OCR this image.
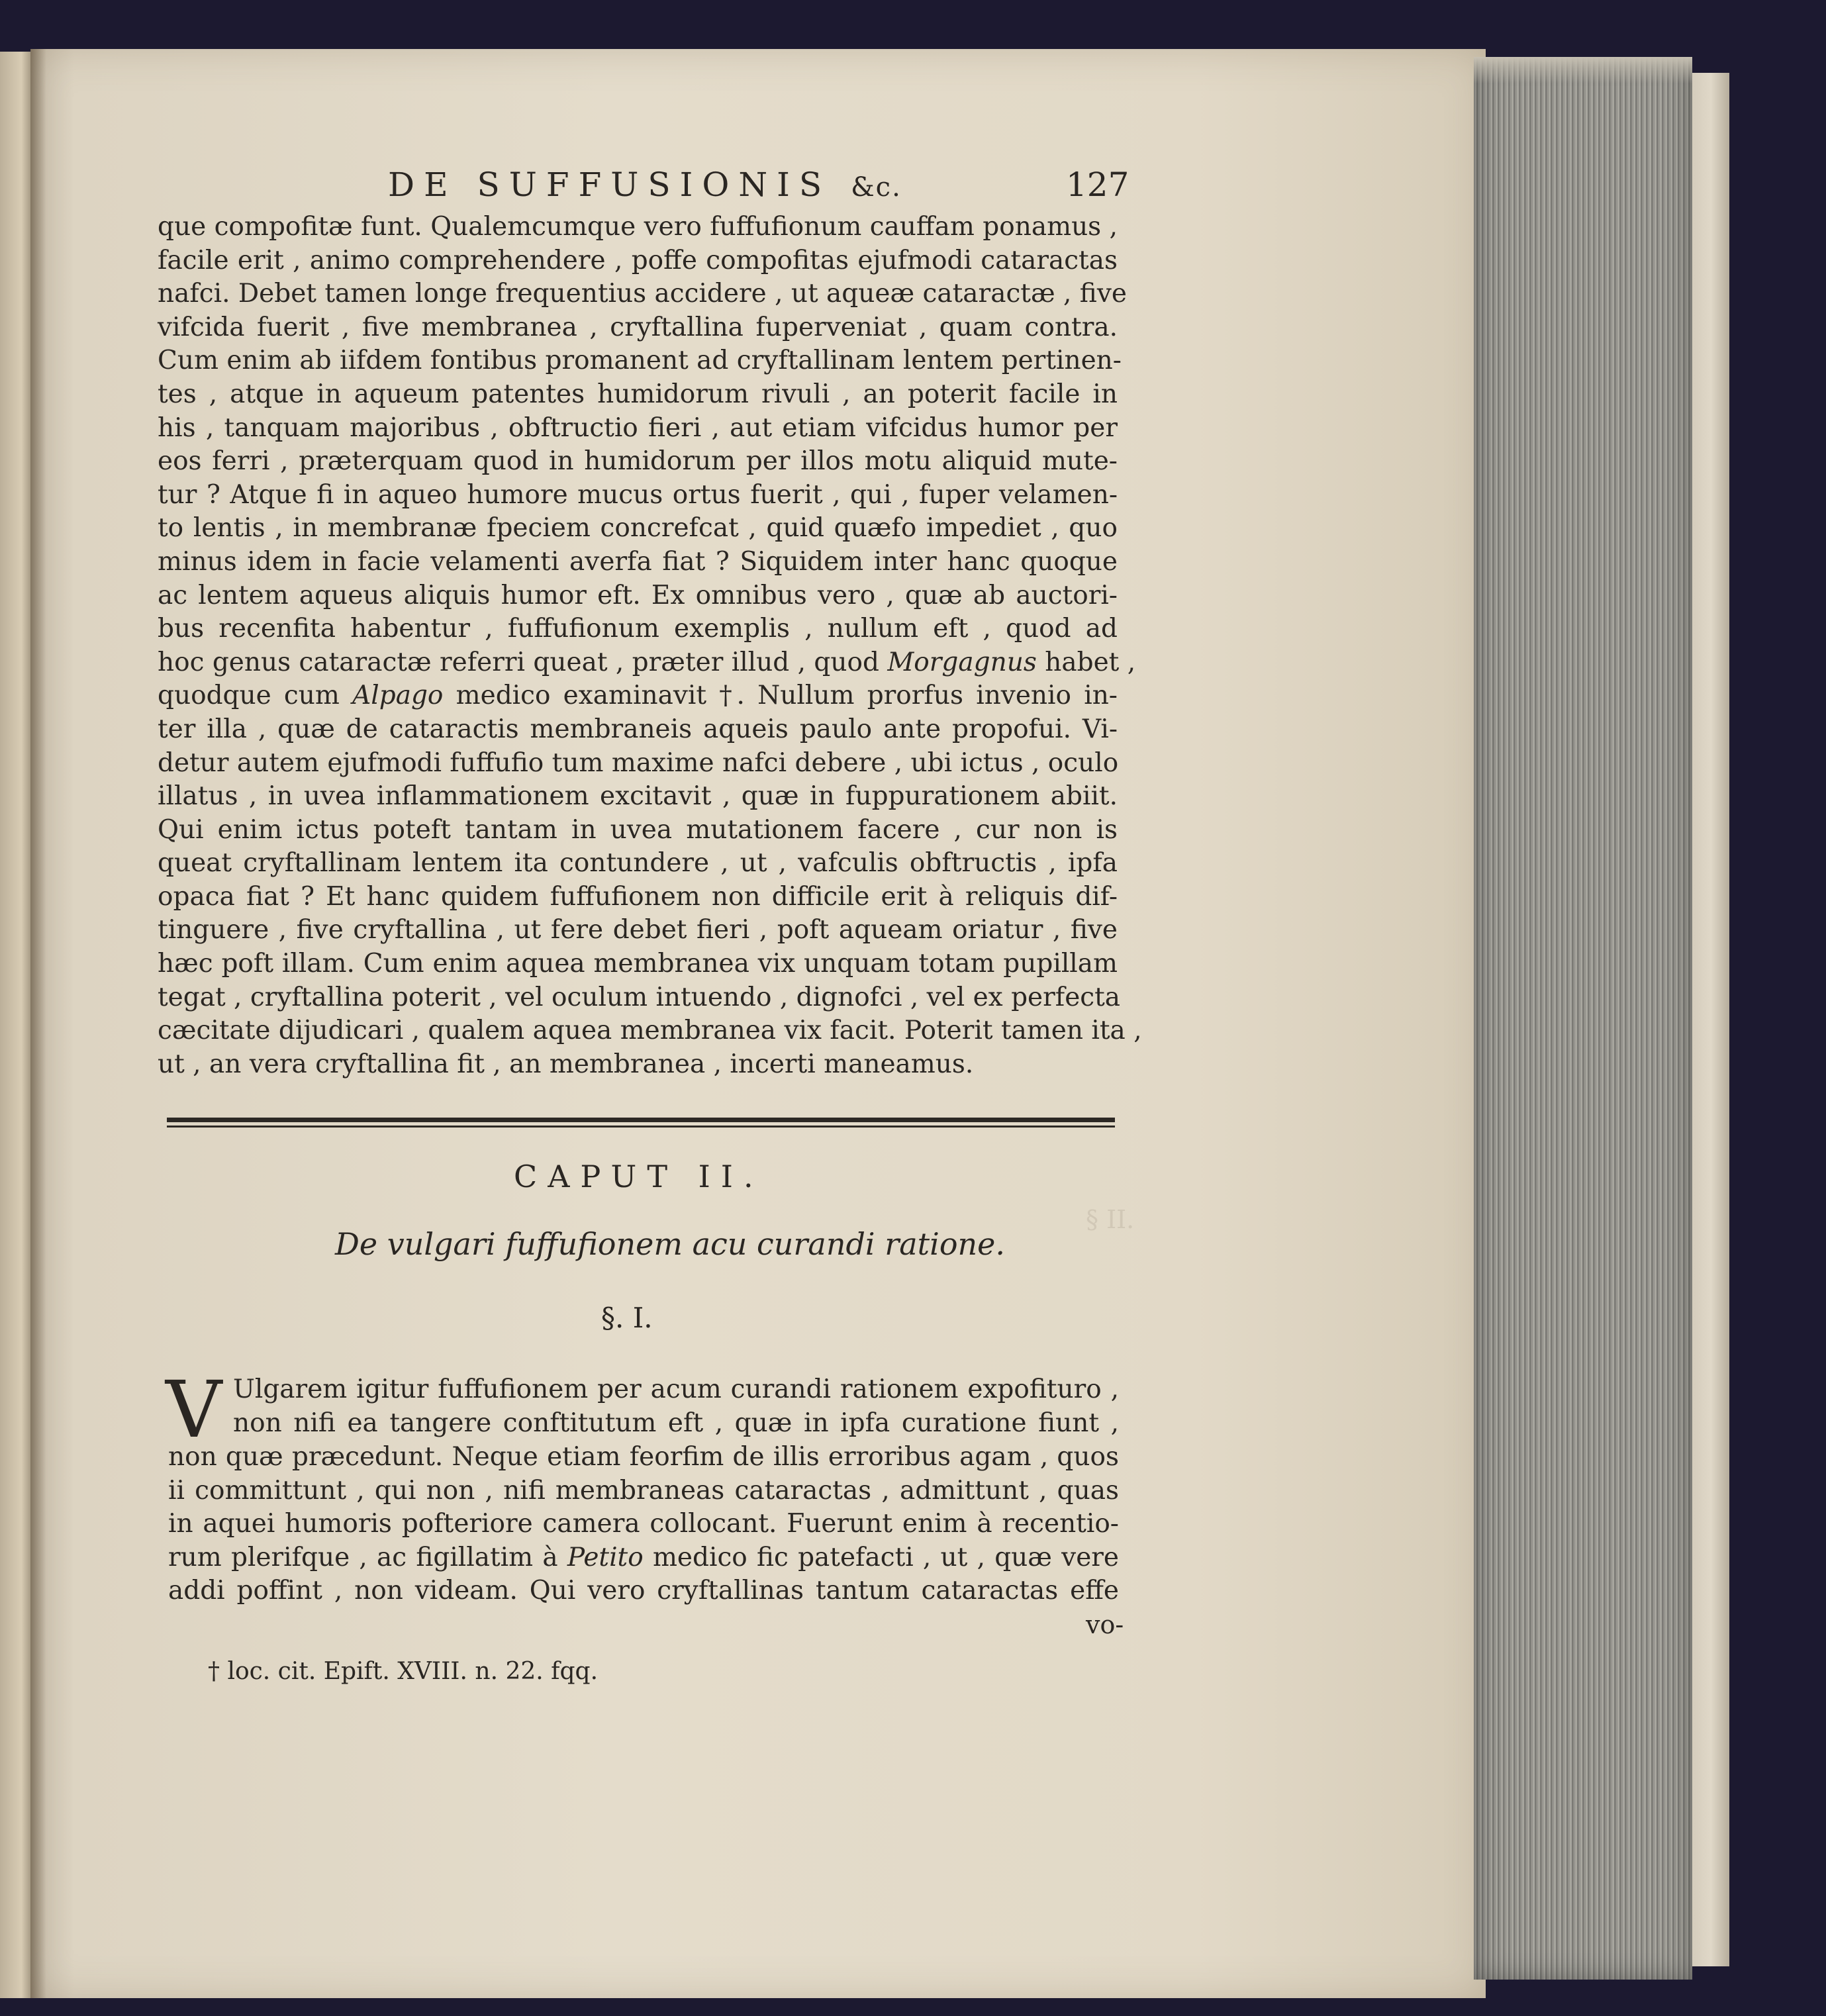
§ II.
DE SUFFUSIONIS &c.	127
que compofitæ funt. Qualemcumque vero fuffufionum cauffam ponamus ,
facile erit , animo comprehendere , poffe compofitas ejufmodi cataractas
nafci. Debet tamen longe frequentius accidere , ut aqueæ cataractæ , five
vifcida fuerit , five membranea , cryftallina fuperveniat , quam contra.
Cum enim ab iifdem fontibus promanent ad cryftallinam lentem pertinen-
tes , atque in aqueum patentes humidorum rivuli , an poterit facile in
his , tanquam majoribus , obftructio fieri , aut etiam vifcidus humor per
eos ferri , præterquam quod in humidorum per illos motu aliquid mute-
tur ? Atque fi in aqueo humore mucus ortus fuerit , qui , fuper velamen-
to lentis , in membranæ fpeciem concrefcat , quid quæfo impediet , quo
minus idem in facie velamenti averfa fiat ? Siquidem inter hanc quoque
ac lentem aqueus aliquis humor eft. Ex omnibus vero , quæ ab auctori-
bus recenfita habentur , fuffufionum exemplis , nullum eft , quod ad
hoc genus cataractæ referri queat , præter illud , quod Morgagnus habet ,
quodque cum Alpago medico examinavit †. Nullum prorfus invenio in-
ter illa , quæ de cataractis membraneis aqueis paulo ante propofui. Vi-
detur autem ejufmodi fuffufio tum maxime nafci debere , ubi ictus , oculo
illatus , in uvea inflammationem excitavit , quæ in fuppurationem abiit.
Qui enim ictus poteft tantam in uvea mutationem facere , cur non is
queat cryftallinam lentem ita contundere , ut , vafculis obftructis , ipfa
opaca fiat ? Et hanc quidem fuffufionem non difficile erit à reliquis dif-
tinguere , five cryftallina , ut fere debet fieri , poft aqueam oriatur , five
hæc poft illam. Cum enim aquea membranea vix unquam totam pupillam
tegat , cryftallina poterit , vel oculum intuendo , dignofci , vel ex perfecta
cæcitate dijudicari , qualem aquea membranea vix facit. Poterit tamen ita ,
ut , an vera cryftallina fit , an membranea , incerti maneamus.
CAPUT II.
De vulgari fuffufionem acu curandi ratione.
§. I.
V Ulgarem igitur fuffufionem per acum curandi rationem expofituro ,
non nifi ea tangere conftitutum eft , quæ in ipfa curatione fiunt ,
non quæ præcedunt. Neque etiam feorfim de illis erroribus agam , quos
ii committunt , qui non , nifi membraneas cataractas , admittunt , quas
in aquei humoris pofteriore camera collocant. Fuerunt enim à recentio-
rum plerifque , ac figillatim à Petito medico fic patefacti , ut , quæ vere
addi poffint , non videam. Qui vero cryftallinas tantum cataractas effe
vo-
† loc. cit. Epift. XVIII. n. 22. fqq.
